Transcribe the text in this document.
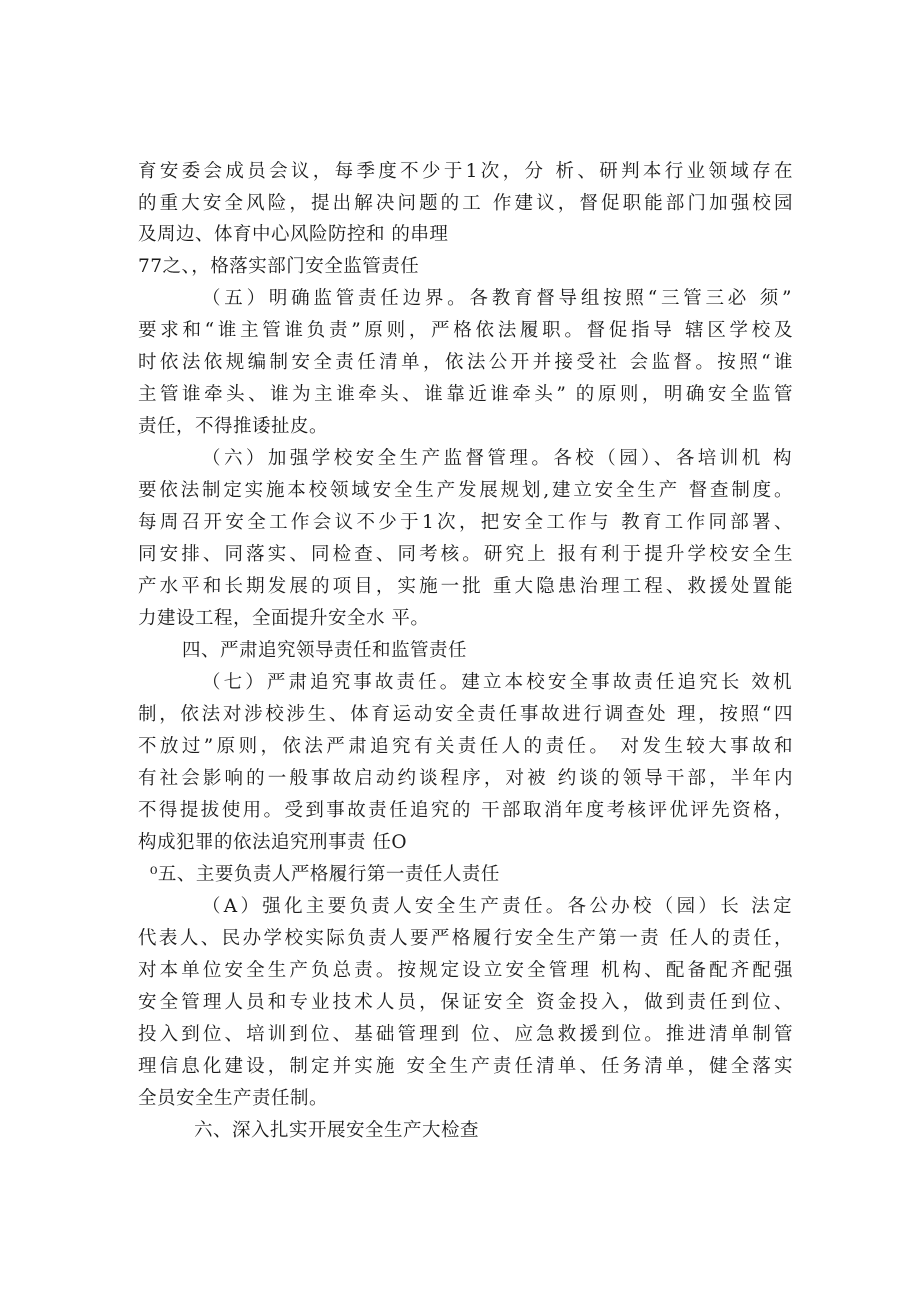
育安委会成员会议，每季度不少于1次，分 析、研判本行业领域存在
的重大安全风险，提出解决问题的工 作建议，督促职能部门加强校园
及周边、体育中心风险防控和 的串理
77之、，格落实部门安全监管责任
（五）明确监管责任边界。各教育督导组按照“三管三必 须”
要求和“谁主管谁负责”原则，严格依法履职。督促指导 辖区学校及
时依法依规编制安全责任清单，依法公开并接受社 会监督。按照“谁
主管谁牵头、谁为主谁牵头、谁靠近谁牵头” 的原则，明确安全监管
责任，不得推诿扯皮。
（六）加强学校安全生产监督管理。各校（园）、各培训机 构
要依法制定实施本校领域安全生产发展规划,建立安全生产 督查制度。
每周召开安全工作会议不少于1次，把安全工作与 教育工作同部署、
同安排、同落实、同检查、同考核。研究上 报有利于提升学校安全生
产水平和长期发展的项目，实施一批 重大隐患治理工程、救援处置能
力建设工程，全面提升安全水 平。
四、严肃追究领导责任和监管责任
（七）严肃追究事故责任。建立本校安全事故责任追究长 效机
制，依法对涉校涉生、体育运动安全责任事故进行调查处 理，按照“四
不放过”原则，依法严肃追究有关责任人的责任。 对发生较大事故和
有社会影响的一般事故启动约谈程序，对被 约谈的领导干部，半年内
不得提拔使用。受到事故责任追究的 干部取消年度考核评优评先资格，
构成犯罪的依法追究刑事责 任O
⁰五、主要负责人严格履行第一责任人责任
（A）强化主要负责人安全生产责任。各公办校（园）长 法定
代表人、民办学校实际负责人要严格履行安全生产第一责 任人的责任，
对本单位安全生产负总责。按规定设立安全管理 机构、配备配齐配强
安全管理人员和专业技术人员，保证安全 资金投入，做到责任到位、
投入到位、培训到位、基础管理到 位、应急救援到位。推进清单制管
理信息化建设，制定并实施 安全生产责任清单、任务清单，健全落实
全员安全生产责任制。
六、深入扎实开展安全生产大检查
